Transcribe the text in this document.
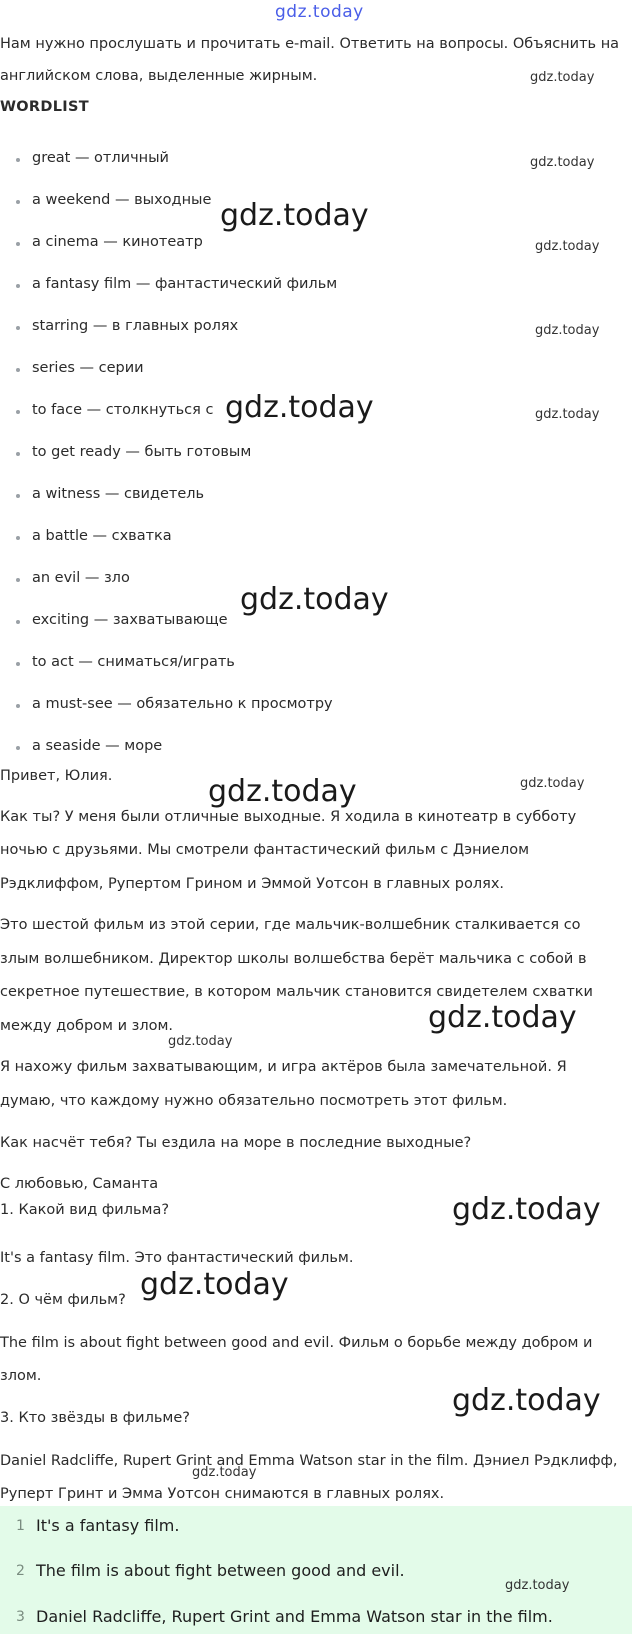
gdz.today
Нам нужно прослушать и прочитать e-mail. Ответить на вопросы. Объяснить на
английском слова, выделенные жирным.
WORDLIST
great — отличный
a weekend — выходные
a cinema — кинотеатр
a fantasy film — фантастический фильм
starring — в главных ролях
series — серии
to face — столкнуться с
to get ready — быть готовым
a witness — свидетель
a battle — схватка
an evil — зло
exciting — захватывающе
to act — сниматься/играть
a must-see — обязательно к просмотру
a seaside — море
Привет, Юлия.
Как ты? У меня были отличные выходные. Я ходила в кинотеатр в субботу
ночью с друзьями. Мы смотрели фантастический фильм с Дэниелом
Рэдклиффом, Рупертом Грином и Эммой Уотсон в главных ролях.
Это шестой фильм из этой серии, где мальчик-волшебник сталкивается со
злым волшебником. Директор школы волшебства берёт мальчика с собой в
секретное путешествие, в котором мальчик становится свидетелем схватки
между добром и злом.
Я нахожу фильм захватывающим, и игра актёров была замечательной. Я
думаю, что каждому нужно обязательно посмотреть этот фильм.
Как насчёт тебя? Ты ездила на море в последние выходные?
С любовью, Саманта
1. Какой вид фильма?
It's a fantasy film. Это фантастический фильм.
2. О чём фильм?
The film is about fight between good and evil. Фильм о борьбе между добром и
злом.
3. Кто звёзды в фильме?
Daniel Radcliffe, Rupert Grint and Emma Watson star in the film. Дэниел Рэдклифф,
Руперт Гринт и Эмма Уотсон снимаются в главных ролях.
1 It's a fantasy film.
2 The film is about fight between good and evil.
3 Daniel Radcliffe, Rupert Grint and Emma Watson star in the film.
gdz.today
gdz.today
gdz.today
gdz.today
gdz.today
gdz.today	gdz.today
gdz.today
gdz.today
gdz.today
gdz.today
gdz.today
gdz.today
gdz.today
gdz.today
gdz.today
gdz.today
